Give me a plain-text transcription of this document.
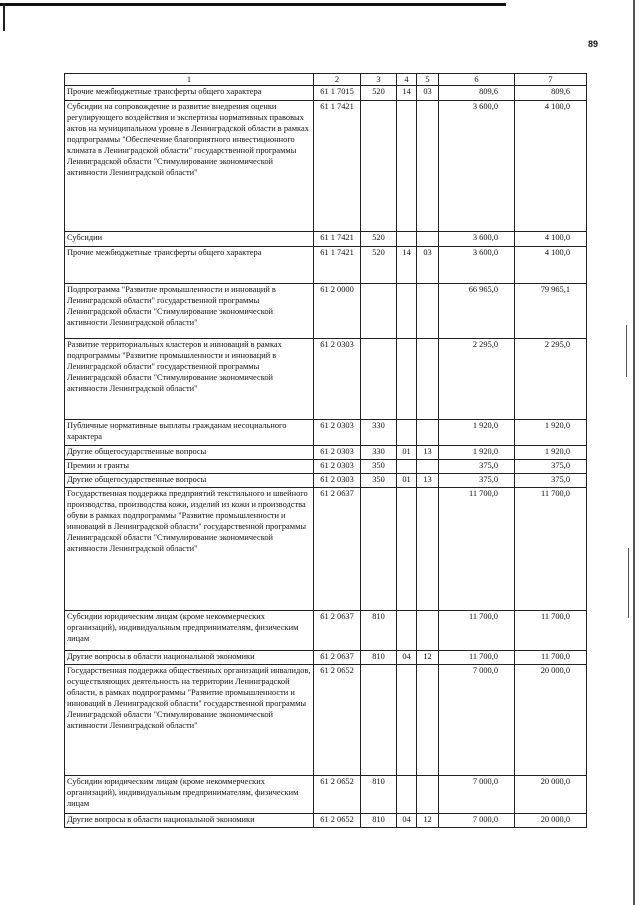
89
1	2	3	4	5	6	7
Прочие межбюджетные трансферты общего характера	61 1 7015	520	14	03	809,6	809,6
Субсидии на сопровождение и развитие внедрения оценки регулирующего воздействия и экспертизы нормативных правовых актов на муниципальном уровне в Ленинградской области в рамках подпрограммы "Обеспечение благоприятного инвестиционного климата в Ленинградской области" государственной программы Ленинградской области "Стимулирование экономической активности Ленинградской области"	61 1 7421				3 600,0	4 100,0
Субсидии	61 1 7421	520			3 600,0	4 100,0
Прочие межбюджетные трансферты общего характера	61 1 7421	520	14	03	3 600,0	4 100,0
Подпрограмма "Развитие промышленности и инноваций в Ленинградской области" государственной программы Ленинградской области "Стимулирование экономической активности Ленинградской области"	61 2 0000				66 965,0	79 965,1
Развитие территориальных кластеров и инноваций в рамках подпрограммы "Развитие промышленности и инноваций в Ленинградской области" государственной программы Ленинградской области "Стимулирование экономической активности Ленинградской области"	61 2 0303				2 295,0	2 295,0
Публичные нормативные выплаты гражданам несоциального характера	61 2 0303	330			1 920,0	1 920,0
Другие общегосударственные вопросы	61 2 0303	330	01	13	1 920,0	1 920,0
Премии и гранты	61 2 0303	350			375,0	375,0
Другие общегосударственные вопросы	61 2 0303	350	01	13	375,0	375,0
Государственная поддержка предприятий текстильного и швейного производства, производства кожи, изделий из кожи и производства обуви в рамках подпрограммы "Развитие промышленности и инноваций в Ленинградской области" государственной программы Ленинградской области "Стимулирование экономической активности Ленинградской области"	61 2 0637				11 700,0	11 700,0
Субсидии юридическим лицам (кроме некоммерческих организаций), индивидуальным предпринимателям, физическим лицам	61 2 0637	810			11 700,0	11 700,0
Другие вопросы в области национальной экономики	61 2 0637	810	04	12	11 700,0	11 700,0
Государственная поддержка общественных организаций инвалидов, осуществляющих деятельность на территории Ленинградской области, в рамках подпрограммы "Развитие промышленности и инноваций в Ленинградской области" государственной программы Ленинградской области "Стимулирование экономической активности Ленинградской области"	61 2 0652				7 000,0	20 000,0
Субсидии юридическим лицам (кроме некоммерческих организаций), индивидуальным предпринимателям, физическим лицам	61 2 0652	810			7 000,0	20 000,0
Другие вопросы в области национальной экономики	61 2 0652	810	04	12	7 000,0	20 000,0
